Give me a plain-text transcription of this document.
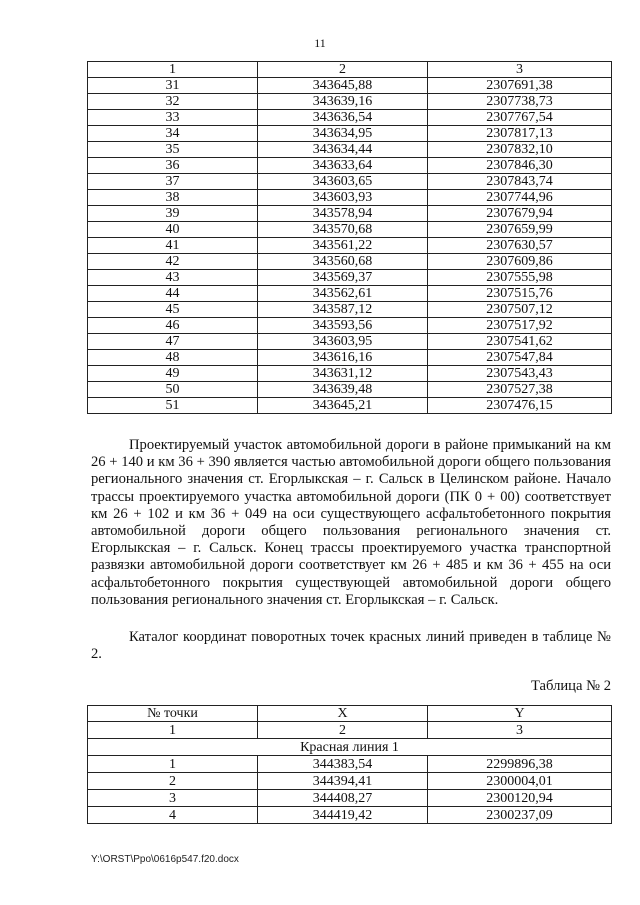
11
1	2	3
31	343645,88	2307691,38
32	343639,16	2307738,73
33	343636,54	2307767,54
34	343634,95	2307817,13
35	343634,44	2307832,10
36	343633,64	2307846,30
37	343603,65	2307843,74
38	343603,93	2307744,96
39	343578,94	2307679,94
40	343570,68	2307659,99
41	343561,22	2307630,57
42	343560,68	2307609,86
43	343569,37	2307555,98
44	343562,61	2307515,76
45	343587,12	2307507,12
46	343593,56	2307517,92
47	343603,95	2307541,62
48	343616,16	2307547,84
49	343631,12	2307543,43
50	343639,48	2307527,38
51	343645,21	2307476,15

Проектируемый участок автомобильной дороги в районе примыканий на км 26 + 140 и км 36 + 390 является частью автомобильной дороги общего пользования регионального значения ст. Егорлыкская – г. Сальск в Целинском районе. Начало трассы проектируемого участка автомобильной дороги (ПК 0 + 00) соответствует км 26 + 102 и км 36 + 049 на оси существующего асфальтобетонного покрытия автомобильной дороги общего пользования регионального значения ст. Егорлыкская – г. Сальск. Конец трассы проектируемого участка транспортной развязки автомобильной дороги соответствует км 26 + 485 и км 36 + 455 на оси асфальтобетонного покрытия существующей автомобильной дороги общего пользования регионального значения ст. Егорлыкская – г. Сальск.

Каталог координат поворотных точек красных линий приведен в таблице № 2.

Таблица № 2
№ точки	X	Y
1	2	3
Красная линия 1		
1	344383,54	2299896,38
2	344394,41	2300004,01
3	344408,27	2300120,94
4	344419,42	2300237,09
Y:\ORST\Ppo\0616p547.f20.docx
